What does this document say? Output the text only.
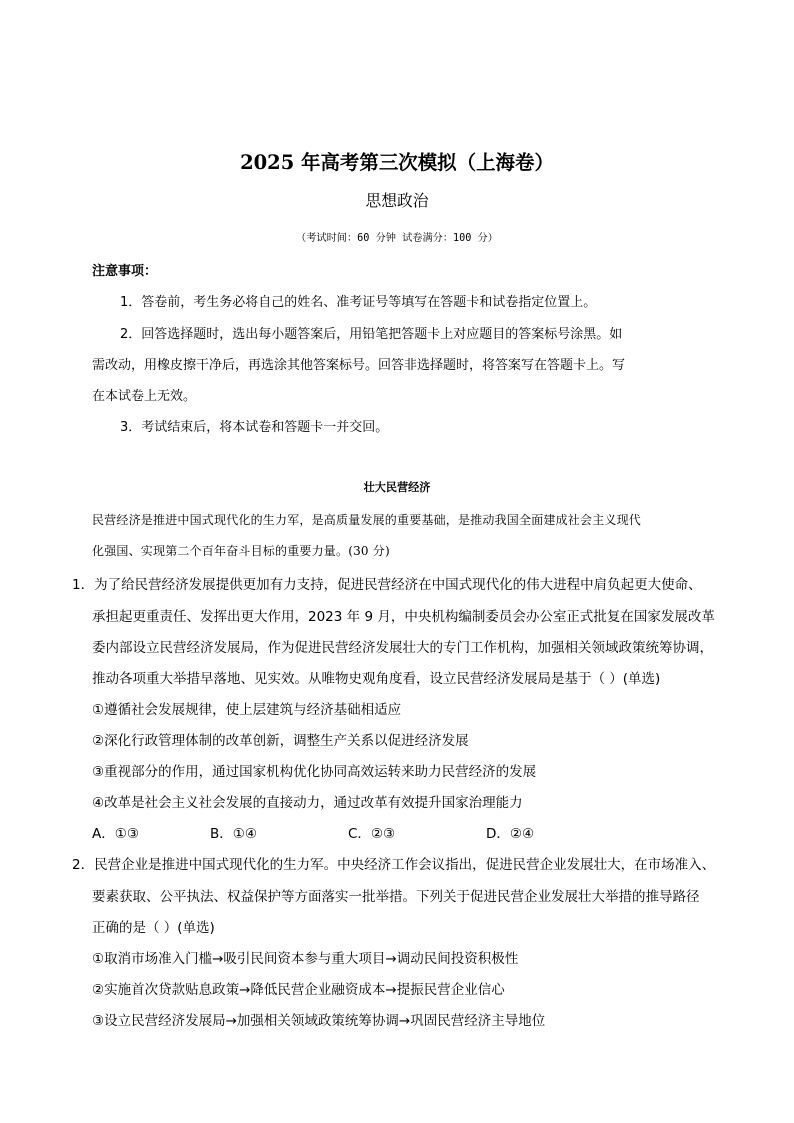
2025 年高考第三次模拟（上海卷）
思想政治
（考试时间：60 分钟 试卷满分：100 分）
注意事项：
1．答卷前，考生务必将自己的姓名、准考证号等填写在答题卡和试卷指定位置上。
2．回答选择题时，选出每小题答案后，用铅笔把答题卡上对应题目的答案标号涂黑。如
需改动，用橡皮擦干净后，再选涂其他答案标号。回答非选择题时，将答案写在答题卡上。写
在本试卷上无效。
3．考试结束后，将本试卷和答题卡一并交回。
壮大民营经济
民营经济是推进中国式现代化的生力军，是高质量发展的重要基础，是推动我国全面建成社会主义现代
化强国、实现第二个百年奋斗目标的重要力量。(30 分)
1．为了给民营经济发展提供更加有力支持，促进民营经济在中国式现代化的伟大进程中肩负起更大使命、
承担起更重责任、发挥出更大作用，2023 年 9 月，中央机构编制委员会办公室正式批复在国家发展改革
委内部设立民营经济发展局，作为促进民营经济发展壮大的专门工作机构，加强相关领域政策统筹协调，
推动各项重大举措早落地、见实效。从唯物史观角度看，设立民营经济发展局是基于（ ）(单选)
①遵循社会发展规律，使上层建筑与经济基础相适应
②深化行政管理体制的改革创新，调整生产关系以促进经济发展
③重视部分的作用，通过国家机构优化协同高效运转来助力民营经济的发展
④改革是社会主义社会发展的直接动力，通过改革有效提升国家治理能力
A．①③	B．①④	C．②③	D．②④
2．民营企业是推进中国式现代化的生力军。中央经济工作会议指出，促进民营企业发展壮大，在市场准入、
要素获取、公平执法、权益保护等方面落实一批举措。下列关于促进民营企业发展壮大举措的推导路径
正确的是（ ）(单选)
①取消市场准入门槛→吸引民间资本参与重大项目→调动民间投资积极性
②实施首次贷款贴息政策→降低民营企业融资成本→提振民营企业信心
③设立民营经济发展局→加强相关领域政策统筹协调→巩固民营经济主导地位
